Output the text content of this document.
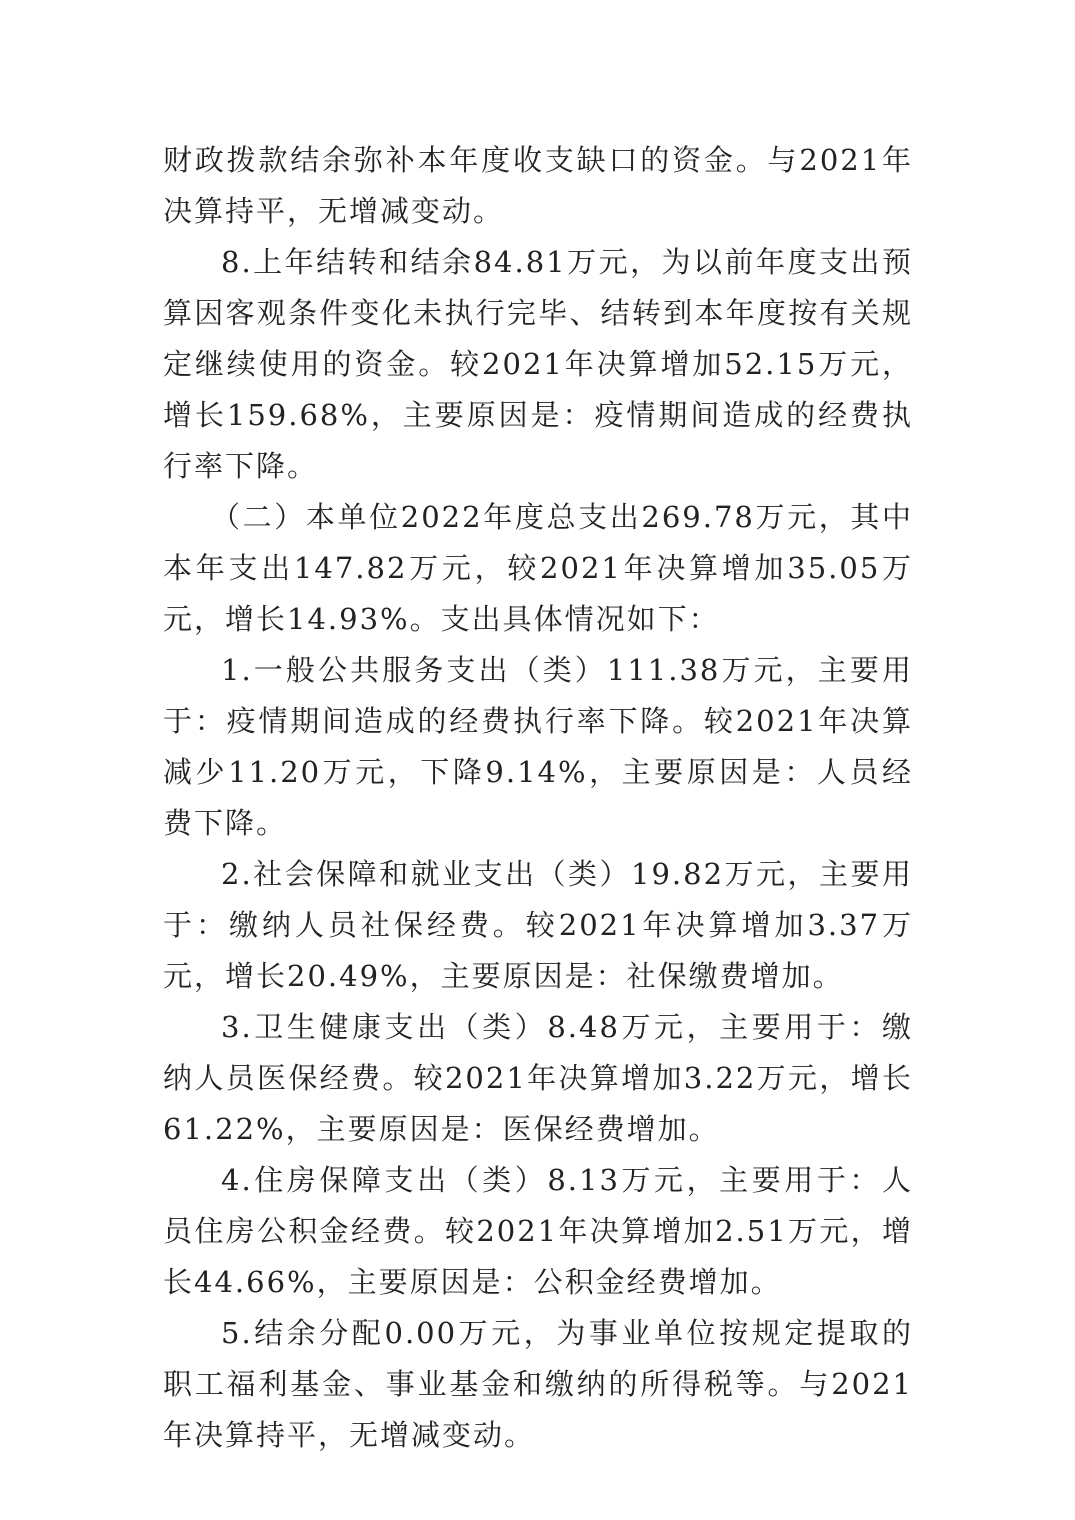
财政拨款结余弥补本年度收支缺口的资金。与2021年决算持平，无增减变动。

8.上年结转和结余84.81万元，为以前年度支出预算因客观条件变化未执行完毕、结转到本年度按有关规定继续使用的资金。较2021年决算增加52.15万元，增长159.68%，主要原因是：疫情期间造成的经费执行率下降。

（二）本单位2022年度总支出269.78万元，其中本年支出147.82万元，较2021年决算增加35.05万元，增长14.93%。支出具体情况如下：

1.一般公共服务支出（类）111.38万元，主要用于：疫情期间造成的经费执行率下降。较2021年决算减少11.20万元，下降9.14%，主要原因是：人员经费下降。

2.社会保障和就业支出（类）19.82万元，主要用于：缴纳人员社保经费。较2021年决算增加3.37万元，增长20.49%，主要原因是：社保缴费增加。

3.卫生健康支出（类）8.48万元，主要用于：缴纳人员医保经费。较2021年决算增加3.22万元，增长61.22%，主要原因是：医保经费增加。

4.住房保障支出（类）8.13万元，主要用于：人员住房公积金经费。较2021年决算增加2.51万元，增长44.66%，主要原因是：公积金经费增加。

5.结余分配0.00万元，为事业单位按规定提取的职工福利基金、事业基金和缴纳的所得税等。与2021年决算持平，无增减变动。
